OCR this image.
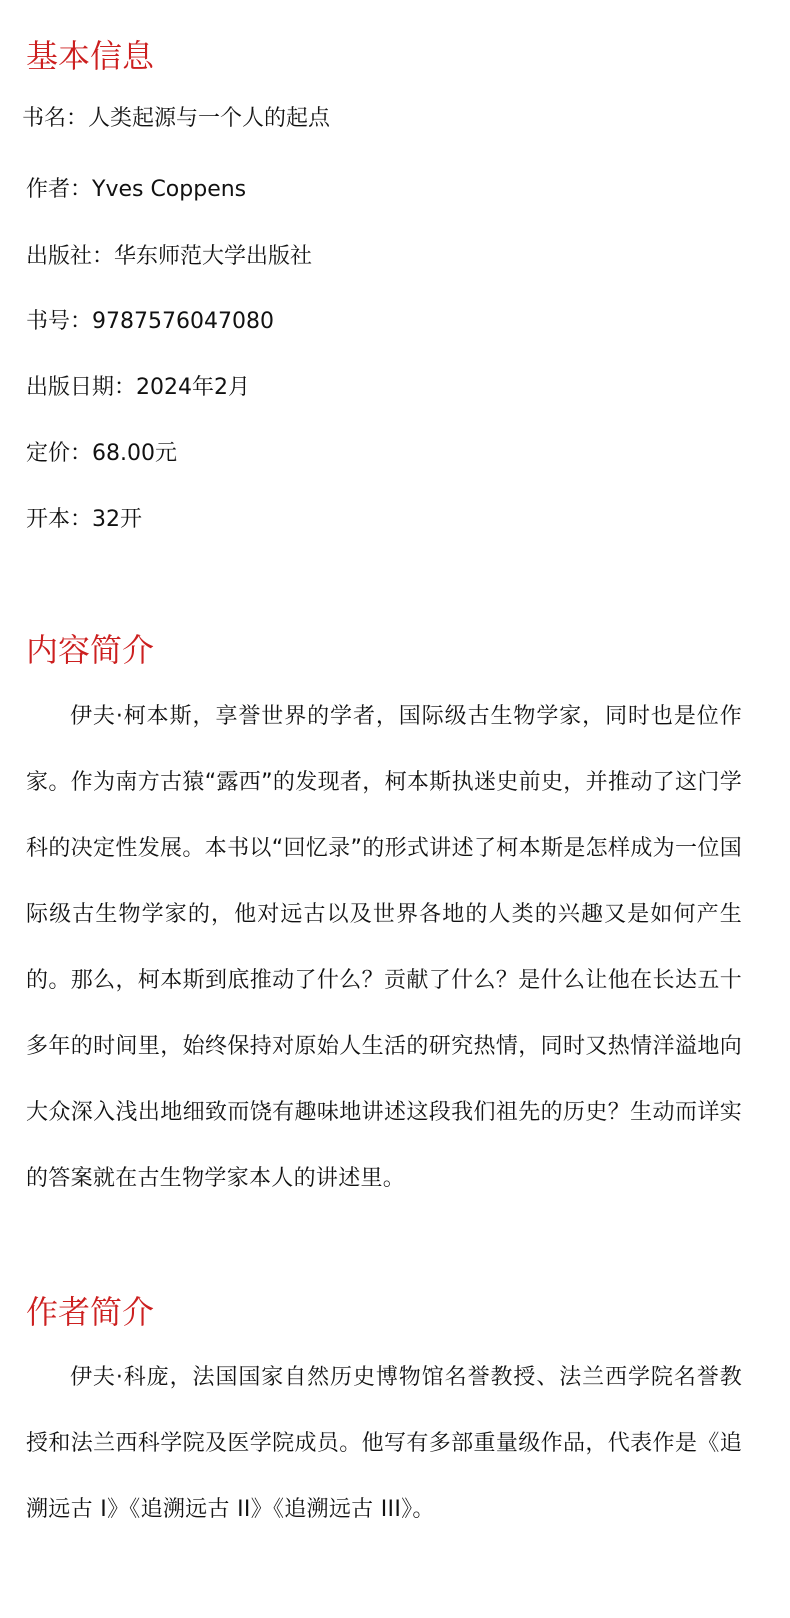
基本信息
书名：人类起源与一个人的起点
作者：Yves Coppens
出版社：华东师范大学出版社
书号：9787576047080
出版日期：2024年2月
定价：68.00元
开本：32开
内容简介

伊夫·柯本斯，享誉世界的学者，国际级古生物学家，同时也是位作家。作为南方古猿“露西”的发现者，柯本斯执迷史前史，并推动了这门学科的决定性发展。本书以“回忆录”的形式讲述了柯本斯是怎样成为一位国际级古生物学家的，他对远古以及世界各地的人类的兴趣又是如何产生的。那么，柯本斯到底推动了什么？贡献了什么？是什么让他在长达五十多年的时间里，始终保持对原始人生活的研究热情，同时又热情洋溢地向大众深入浅出地细致而饶有趣味地讲述这段我们祖先的历史？生动而详实的答案就在古生物学家本人的讲述里。

作者简介

伊夫·科庞，法国国家自然历史博物馆名誉教授、法兰西学院名誉教授和法兰西科学院及医学院成员。他写有多部重量级作品，代表作是《追溯远古 I》《追溯远古 II》《追溯远古 III》。
